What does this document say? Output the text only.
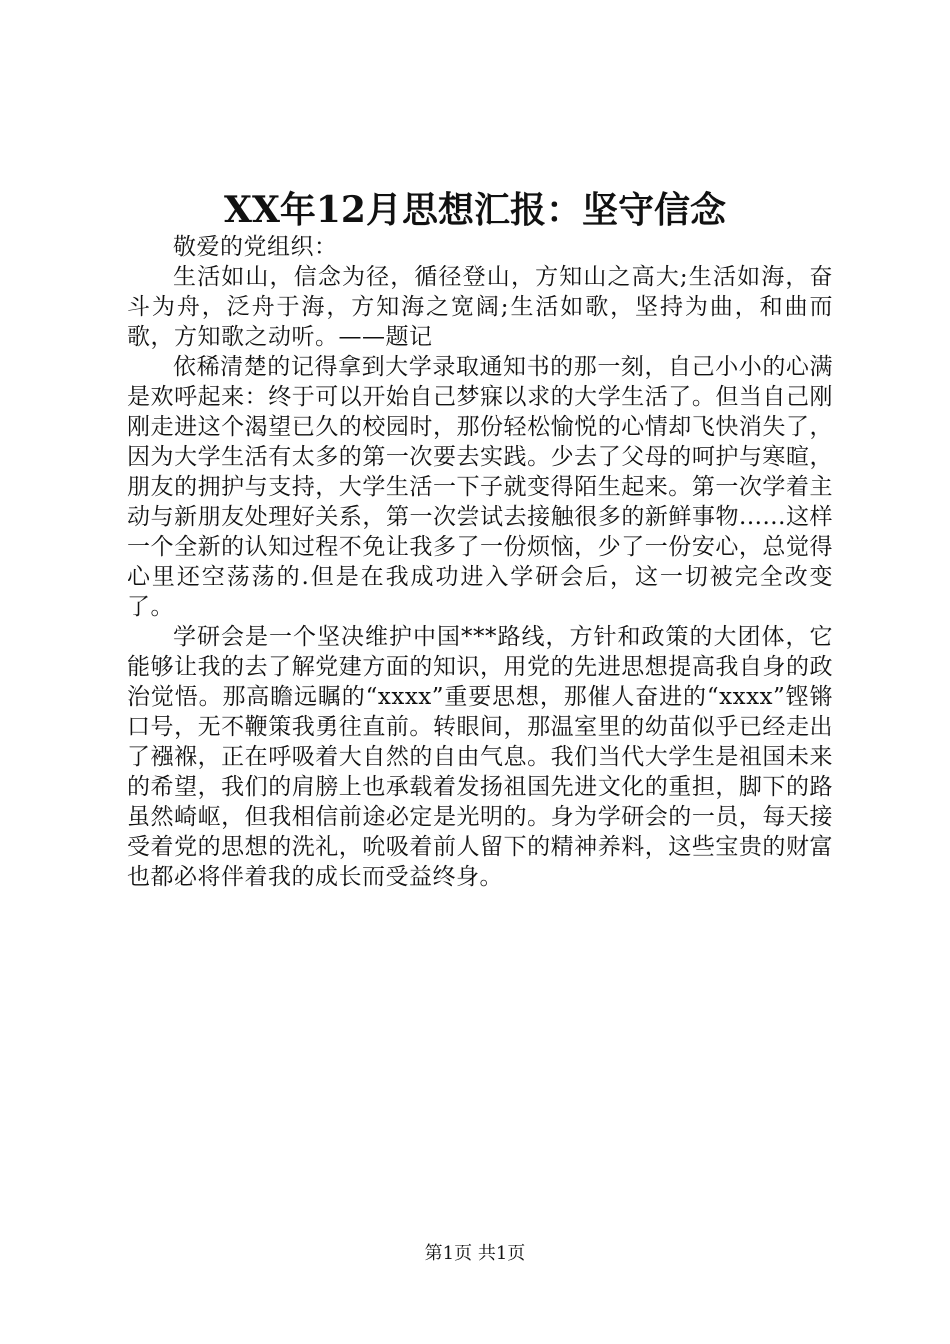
XX年12月思想汇报：坚守信念

敬爱的党组织：

生活如山，信念为径，循径登山，方知山之高大;生活如海，奋斗为舟，泛舟于海，方知海之宽阔;生活如歌，坚持为曲，和曲而歌，方知歌之动听。——题记

依稀清楚的记得拿到大学录取通知书的那一刻，自己小小的心满是欢呼起来：终于可以开始自己梦寐以求的大学生活了。但当自己刚刚走进这个渴望已久的校园时，那份轻松愉悦的心情却飞快消失了，因为大学生活有太多的第一次要去实践。少去了父母的呵护与寒暄，朋友的拥护与支持，大学生活一下子就变得陌生起来。第一次学着主动与新朋友处理好关系，第一次尝试去接触很多的新鲜事物......这样一个全新的认知过程不免让我多了一份烦恼，少了一份安心，总觉得心里还空荡荡的.但是在我成功进入学研会后，这一切被完全改变了。

学研会是一个坚决维护中国***路线，方针和政策的大团体，它能够让我的去了解党建方面的知识，用党的先进思想提高我自身的政治觉悟。那高瞻远瞩的“xxxx”重要思想，那催人奋进的“xxxx”铿锵口号，无不鞭策我勇往直前。转眼间，那温室里的幼苗似乎已经走出了襁褓，正在呼吸着大自然的自由气息。我们当代大学生是祖国未来的希望，我们的肩膀上也承载着发扬祖国先进文化的重担，脚下的路虽然崎岖，但我相信前途必定是光明的。身为学研会的一员，每天接受着党的思想的洗礼，吮吸着前人留下的精神养料，这些宝贵的财富也都必将伴着我的成长而受益终身。

第1页 共1页
